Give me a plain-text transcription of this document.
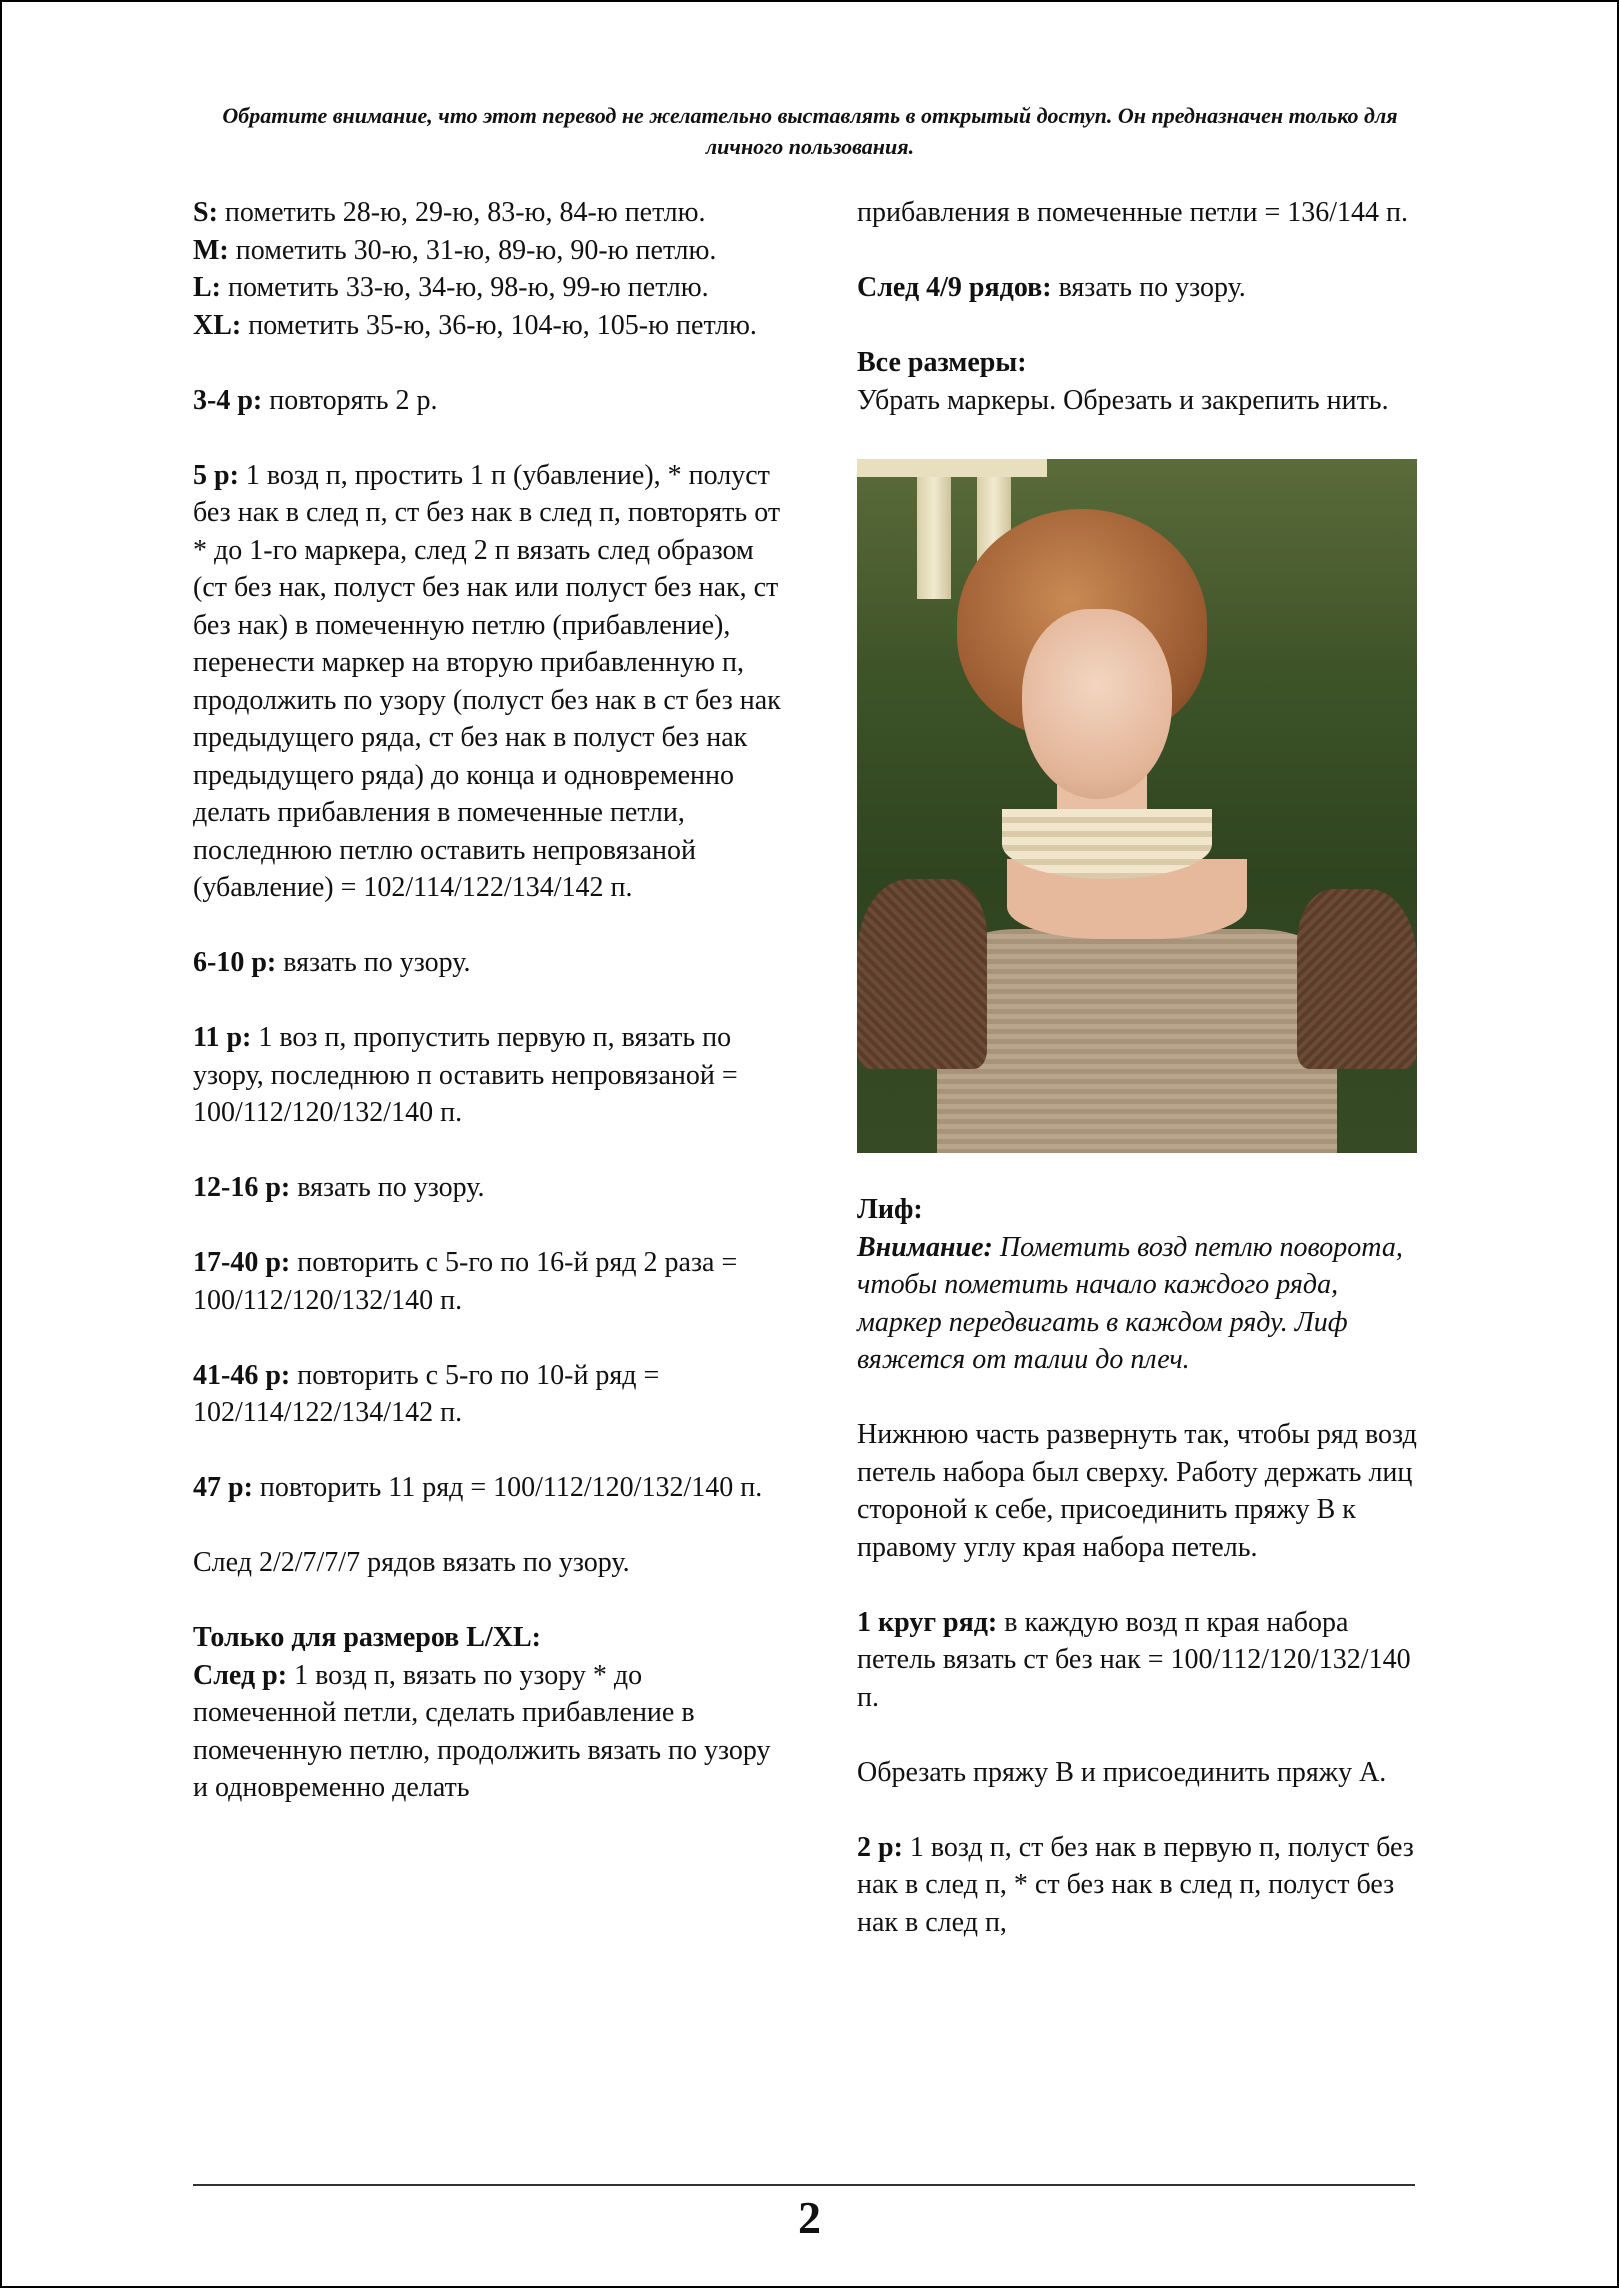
Обратите внимание, что этот перевод не желательно выставлять в открытый доступ. Он предназначен только для личного пользования.

S: пометить 28-ю, 29-ю, 83-ю, 84-ю петлю.

M: пометить 30-ю, 31-ю, 89-ю, 90-ю петлю.

L: пометить 33-ю, 34-ю, 98-ю, 99-ю петлю.

XL: пометить 35-ю, 36-ю, 104-ю, 105-ю петлю.

3-4 р: повторять 2 р.

5 р: 1 возд п, простить 1 п (убавление), * полуст без нак в след п, ст без нак в след п, повторять от * до 1-го маркера, след 2 п вязать след образом (ст без нак, полуст без нак или полуст без нак, ст без нак) в помеченную петлю (прибавление), перенести маркер на вторую прибавленную п, продолжить по узору (полуст без нак в ст без нак предыдущего ряда, ст без нак в полуст без нак предыдущего ряда) до конца и одновременно делать прибавления в помеченные петли, последнюю петлю оставить непровязаной (убавление) = 102/114/122/134/142 п.

6-10 р: вязать по узору.

11 р: 1 воз п, пропустить первую п, вязать по узору, последнюю п оставить непровязаной = 100/112/120/132/140 п.

12-16 р: вязать по узору.

17-40 р: повторить с 5-го по 16-й ряд 2 раза = 100/112/120/132/140 п.

41-46 р: повторить с 5-го по 10-й ряд = 102/114/122/134/142 п.

47 р: повторить 11 ряд = 100/112/120/132/140 п.

След 2/2/7/7/7 рядов вязать по узору.

Только для размеров L/XL:

След р: 1 возд п, вязать по узору * до помеченной петли, сделать прибавление в помеченную петлю, продолжить вязать по узору и одновременно делать

прибавления в помеченные петли = 136/144 п.

След 4/9 рядов: вязать по узору.

Все размеры:

Убрать маркеры. Обрезать и закрепить нить.

Лиф:

Внимание: Пометить возд петлю поворота, чтобы пометить начало каждого ряда, маркер передвигать в каждом ряду. Лиф вяжется от талии до плеч.

Нижнюю часть развернуть так, чтобы ряд возд петель набора был сверху. Работу держать лиц стороной к себе, присоединить пряжу В к правому углу края набора петель.

1 круг ряд: в каждую возд п края набора петель вязать ст без нак = 100/112/120/132/140 п.

Обрезать пряжу В и присоединить пряжу А.

2 р: 1 возд п, ст без нак в первую п, полуст без нак в след п, * ст без нак в след п, полуст без нак в след п,

2
